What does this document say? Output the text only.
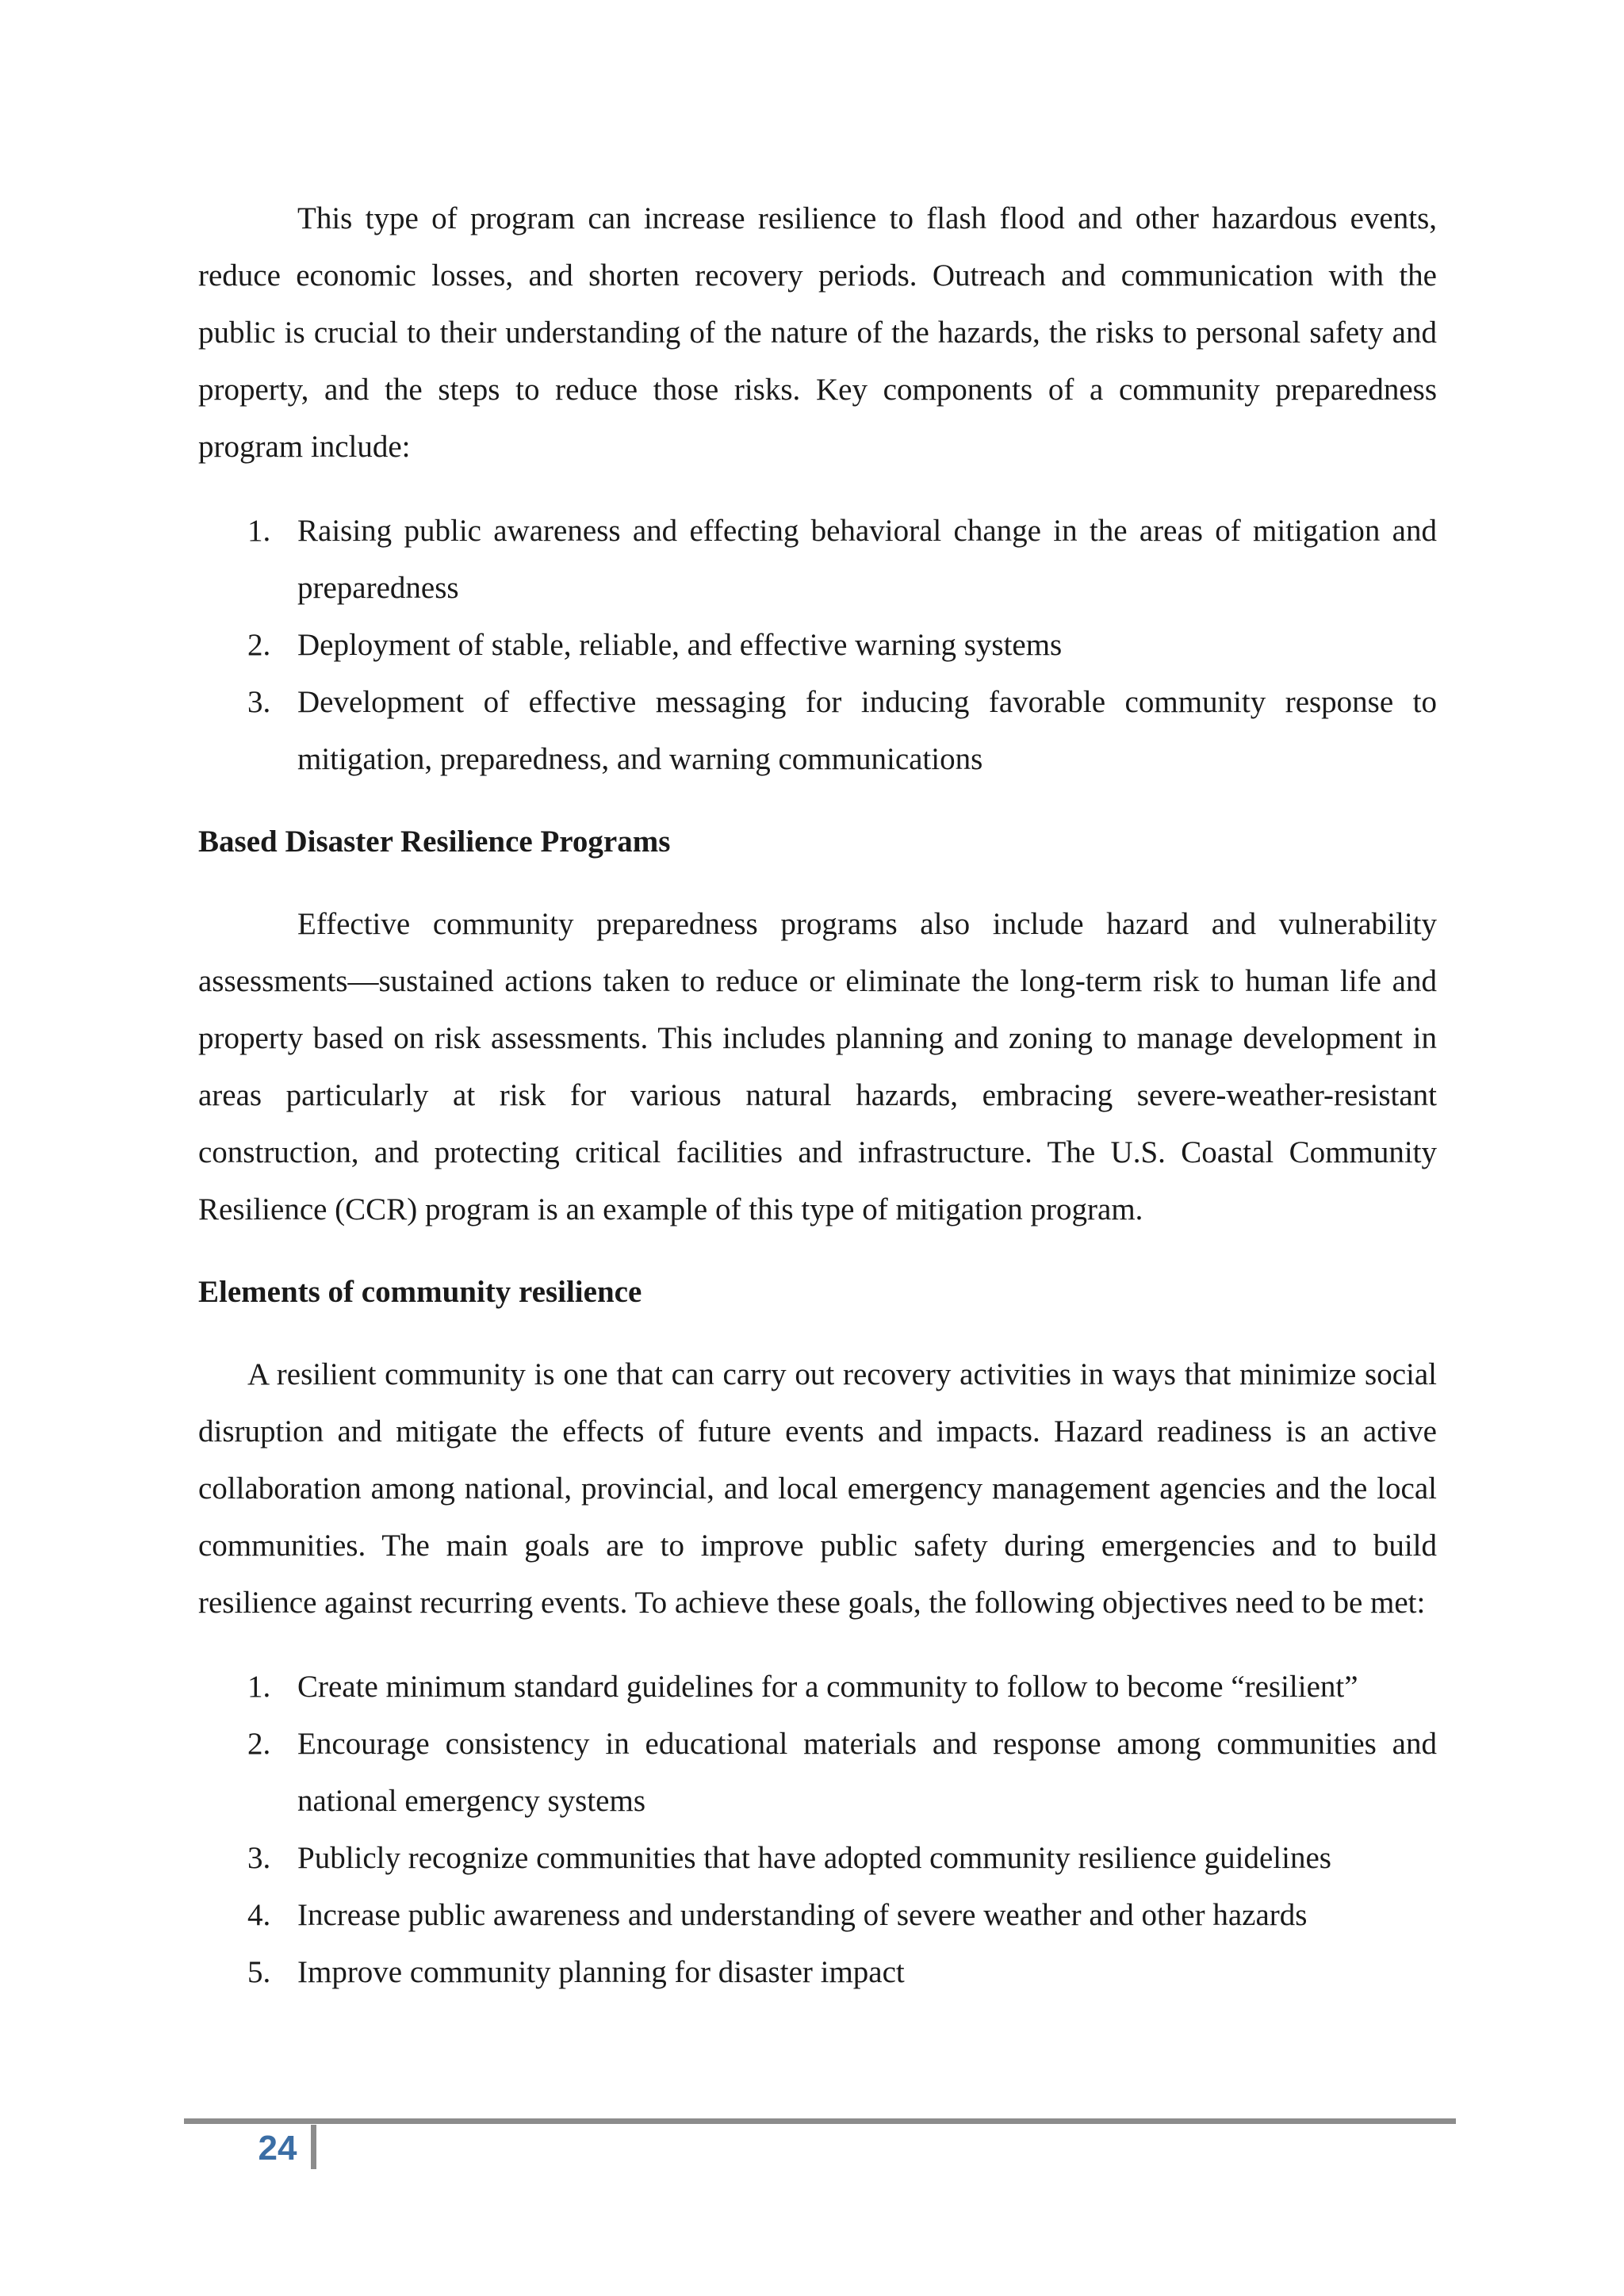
This type of program can increase resilience to flash flood and other hazardous events, reduce economic losses, and shorten recovery periods. Outreach and communication with the public is crucial to their understanding of the nature of the hazards, the risks to personal safety and property, and the steps to reduce those risks. Key components of a community preparedness program include:

1. Raising public awareness and effecting behavioral change in the areas of mitigation and preparedness
2. Deployment of stable, reliable, and effective warning systems
3. Development of effective messaging for inducing favorable community response to mitigation, preparedness, and warning communications
Based Disaster Resilience Programs

Effective community preparedness programs also include hazard and vulnerability assessments—sustained actions taken to reduce or eliminate the long-term risk to human life and property based on risk assessments. This includes planning and zoning to manage development in areas particularly at risk for various natural hazards, embracing severe-weather-resistant construction, and protecting critical facilities and infrastructure. The U.S. Coastal Community Resilience (CCR) program is an example of this type of mitigation program.

Elements of community resilience

A resilient community is one that can carry out recovery activities in ways that minimize social disruption and mitigate the effects of future events and impacts. Hazard readiness is an active collaboration among national, provincial, and local emergency management agencies and the local communities. The main goals are to improve public safety during emergencies and to build resilience against recurring events. To achieve these goals, the following objectives need to be met:

1. Create minimum standard guidelines for a community to follow to become “resilient”
2. Encourage consistency in educational materials and response among communities and national emergency systems
3. Publicly recognize communities that have adopted community resilience guidelines
4. Increase public awareness and understanding of severe weather and other hazards
5. Improve community planning for disaster impact
24
